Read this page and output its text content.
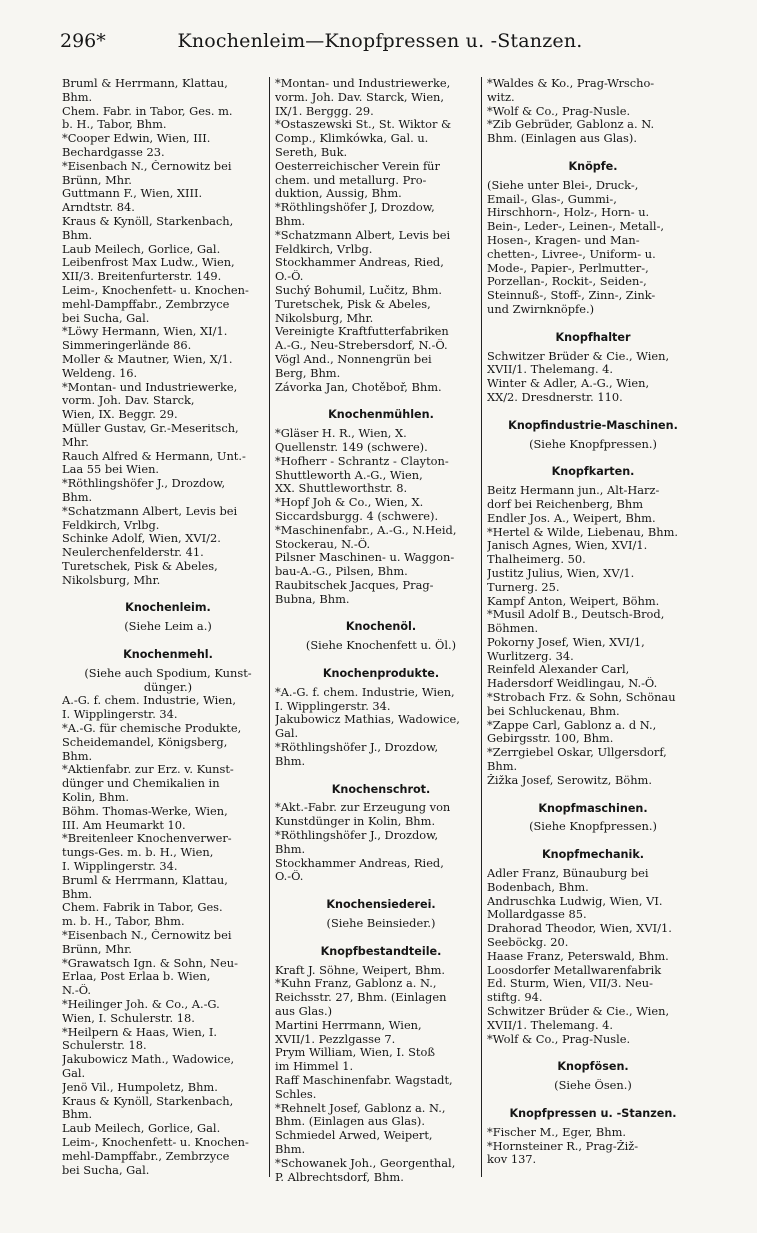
296*	Knochenleim—Knopfpressen u. -Stanzen.
Bruml & Herrmann, Klattau,
Bhm.
Chem. Fabr. in Tabor, Ges. m.
b. H., Tabor, Bhm.
*Cooper Edwin, Wien, III.
Bechardgasse 23.
*Eisenbach N., Černowitz bei
Brünn, Mhr.
Guttmann F., Wien, XIII.
Arndtstr. 84.
Kraus & Kynöll, Starkenbach,
Bhm.
Laub Meilech, Gorlice, Gal.
Leibenfrost Max Ludw., Wien,
XII/3. Breitenfurterstr. 149.
Leim-, Knochenfett- u. Knochen-
mehl-Dampffabr., Zembrzyce
bei Sucha, Gal.
*Löwy Hermann, Wien, XI/1.
Simmeringerlände 86.
Moller & Mautner, Wien, X/1.
Weldeng. 16.
*Montan- und Industriewerke,
vorm. Joh. Dav. Starck,
Wien, IX. Beggr. 29.
Müller Gustav, Gr.-Meseritsch,
Mhr.
Rauch Alfred & Hermann, Unt.-
Laa 55 bei Wien.
*Röthlingshöfer J., Drozdow,
Bhm.
*Schatzmann Albert, Levis bei
Feldkirch, Vrlbg.
Schinke Adolf, Wien, XVI/2.
Neulerchenfelderstr. 41.
Turetschek, Pisk & Abeles,
Nikolsburg, Mhr.
Knochenleim.
(Siehe Leim a.)
Knochenmehl.
(Siehe auch Spodium, Kunst-
dünger.)
A.-G. f. chem. Industrie, Wien,
I. Wipplingerstr. 34.
*A.-G. für chemische Produkte,
Scheidemandel, Königsberg,
Bhm.
*Aktienfabr. zur Erz. v. Kunst-
dünger und Chemikalien in
Kolin, Bhm.
Böhm. Thomas-Werke, Wien,
III. Am Heumarkt 10.
*Breitenleer Knochenverwer-
tungs-Ges. m. b. H., Wien,
I. Wipplingerstr. 34.
Bruml & Herrmann, Klattau,
Bhm.
Chem. Fabrik in Tabor, Ges.
m. b. H., Tabor, Bhm.
*Eisenbach N., Černowitz bei
Brünn, Mhr.
*Grawatsch Ign. & Sohn, Neu-
Erlaa, Post Erlaa b. Wien,
N.-Ö.
*Heilinger Joh. & Co., A.-G.
Wien, I. Schulerstr. 18.
*Heilpern & Haas, Wien, I.
Schulerstr. 18.
Jakubowicz Math., Wadowice,
Gal.
Jenö Vil., Humpoletz, Bhm.
Kraus & Kynöll, Starkenbach,
Bhm.
Laub Meilech, Gorlice, Gal.
Leim-, Knochenfett- u. Knochen-
mehl-Dampffabr., Zembrzyce
bei Sucha, Gal.
*Montan- und Industriewerke,
vorm. Joh. Dav. Starck, Wien,
IX/1. Berggg. 29.
*Ostaszewski St., St. Wiktor &
Comp., Klimkówka, Gal. u.
Sereth, Buk.
Oesterreichischer Verein für
chem. und metallurg. Pro-
duktion, Aussig, Bhm.
*Röthlingshöfer J, Drozdow,
Bhm.
*Schatzmann Albert, Levis bei
Feldkirch, Vrlbg.
Stockhammer Andreas, Ried,
O.-Ö.
Suchý Bohumil, Lučitz, Bhm.
Turetschek, Pisk & Abeles,
Nikolsburg, Mhr.
Vereinigte Kraftfutterfabriken
A.-G., Neu-Strebersdorf, N.-Ö.
Vögl And., Nonnengrün bei
Berg, Bhm.
Závorka Jan, Chotěboř, Bhm.
Knochenmühlen.
*Gläser H. R., Wien, X.
Quellenstr. 149 (schwere).
*Hofherr - Schrantz - Clayton-
Shuttleworth A.-G., Wien,
XX. Shuttleworthstr. 8.
*Hopf Joh & Co., Wien, X.
Siccardsburgg. 4 (schwere).
*Maschinenfabr., A.-G., N.Heid,
Stockerau, N.-Ö.
Pilsner Maschinen- u. Waggon-
bau-A.-G., Pilsen, Bhm.
Raubitschek Jacques, Prag-
Bubna, Bhm.
Knochenöl.
(Siehe Knochenfett u. Öl.)
Knochenprodukte.
*A.-G. f. chem. Industrie, Wien,
I. Wipplingerstr. 34.
Jakubowicz Mathias, Wadowice,
Gal.
*Röthlingshöfer J., Drozdow,
Bhm.
Knochenschrot.
*Akt.-Fabr. zur Erzeugung von
Kunstdünger in Kolin, Bhm.
*Röthlingshöfer J., Drozdow,
Bhm.
Stockhammer Andreas, Ried,
O.-Ö.
Knochensiederei.
(Siehe Beinsieder.)
Knopfbestandteile.
Kraft J. Söhne, Weipert, Bhm.
*Kuhn Franz, Gablonz a. N.,
Reichsstr. 27, Bhm. (Einlagen
aus Glas.)
Martini Herrmann, Wien,
XVII/1. Pezzlgasse 7.
Prym William, Wien, I. Stoß
im Himmel 1.
Raff Maschinenfabr. Wagstadt,
Schles.
*Rehnelt Josef, Gablonz a. N.,
Bhm. (Einlagen aus Glas).
Schmiedel Arwed, Weipert,
Bhm.
*Schowanek Joh., Georgenthal,
P. Albrechtsdorf, Bhm.
*Waldes & Ko., Prag-Wrscho-
witz.
*Wolf & Co., Prag-Nusle.
*Zib Gebrüder, Gablonz a. N.
Bhm. (Einlagen aus Glas).
Knöpfe.
(Siehe unter Blei-, Druck-,
Email-, Glas-, Gummi-,
Hirschhorn-, Holz-, Horn- u.
Bein-, Leder-, Leinen-, Metall-,
Hosen-, Kragen- und Man-
chetten-, Livree-, Uniform- u.
Mode-, Papier-, Perlmutter-,
Porzellan-, Rockit-, Seiden-,
Steinnuß-, Stoff-, Zinn-, Zink-
und Zwirnknöpfe.)
Knopfhalter
Schwitzer Brüder & Cie., Wien,
XVII/1. Thelemang. 4.
Winter & Adler, A.-G., Wien,
XX/2. Dresdnerstr. 110.
Knopfindustrie-Maschinen.
(Siehe Knopfpressen.)
Knopfkarten.
Beitz Hermann jun., Alt-Harz-
dorf bei Reichenberg, Bhm
Endler Jos. A., Weipert, Bhm.
*Hertel & Wilde, Liebenau, Bhm.
Janisch Agnes, Wien, XVI/1.
Thalheimerg. 50.
Justitz Julius, Wien, XV/1.
Turnerg. 25.
Kampf Anton, Weipert, Böhm.
*Musil Adolf B., Deutsch-Brod,
Böhmen.
Pokorny Josef, Wien, XVI/1,
Wurlitzerg. 34.
Reinfeld Alexander Carl,
Hadersdorf Weidlingau, N.-Ö.
*Strobach Frz. & Sohn, Schönau
bei Schluckenau, Bhm.
*Zappe Carl, Gablonz a. d N.,
Gebirgsstr. 100, Bhm.
*Zerrgiebel Oskar, Ullgersdorf,
Bhm.
Žižka Josef, Serowitz, Böhm.
Knopfmaschinen.
(Siehe Knopfpressen.)
Knopfmechanik.
Adler Franz, Bünauburg bei
Bodenbach, Bhm.
Andruschka Ludwig, Wien, VI.
Mollardgasse 85.
Drahorad Theodor, Wien, XVI/1.
Seeböckg. 20.
Haase Franz, Peterswald, Bhm.
Loosdorfer Metallwarenfabrik
Ed. Sturm, Wien, VII/3. Neu-
stiftg. 94.
Schwitzer Brüder & Cie., Wien,
XVII/1. Thelemang. 4.
*Wolf & Co., Prag-Nusle.
Knopfösen.
(Siehe Ösen.)
Knopfpressen u. -Stanzen.
*Fischer M., Eger, Bhm.
*Hornsteiner R., Prag-Žiž-
kov 137.
